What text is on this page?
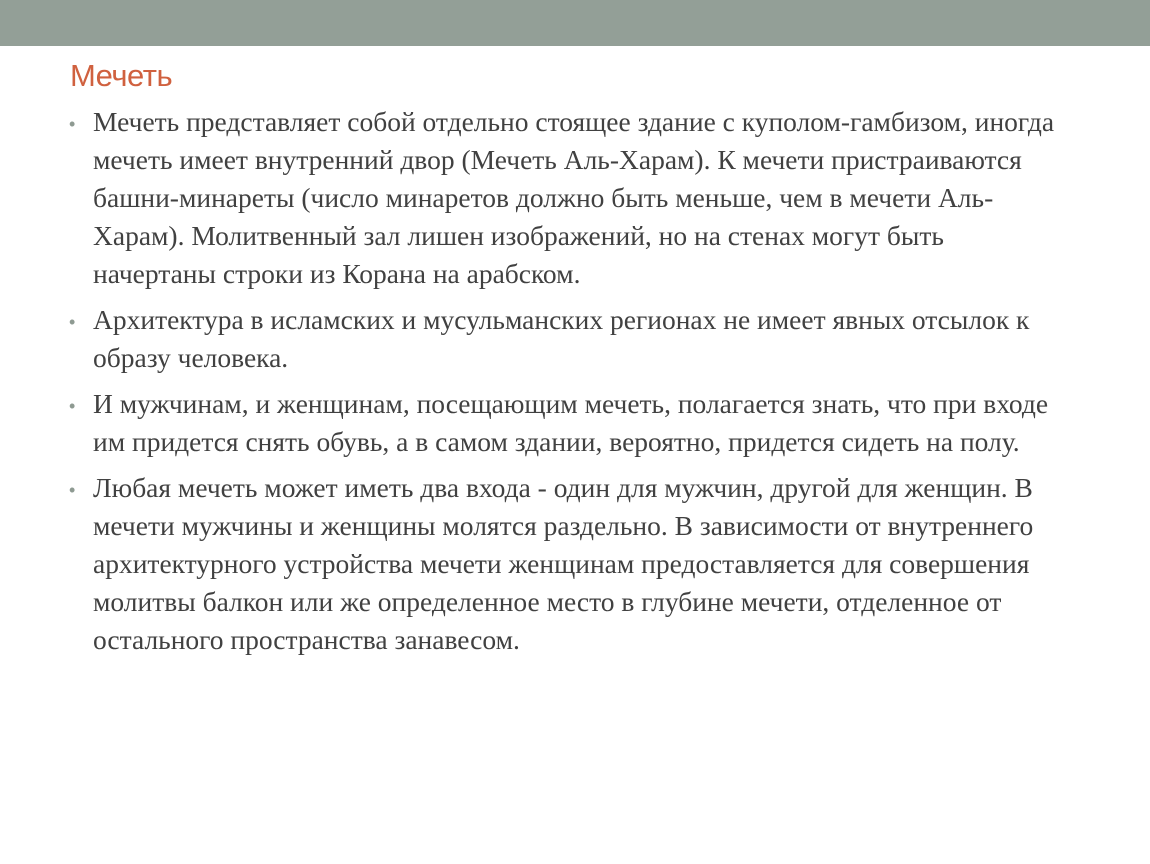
Мечеть
• Мечеть представляет собой отдельно стоящее здание с куполом-гамбизом, иногда мечеть имеет внутренний двор (Мечеть Аль-Харам). К мечети пристраиваются башни-минареты (число минаретов должно быть меньше, чем в мечети Аль-Харам). Молитвенный зал лишен изображений, но на стенах могут быть начертаны строки из Корана на арабском.
• Архитектура в исламских и мусульманских регионах не имеет явных отсылок к образу человека.
• И мужчинам, и женщинам, посещающим мечеть, полагается знать, что при входе им придется снять обувь, а в самом здании, вероятно, придется сидеть на полу.
• Любая мечеть может иметь два входа - один для мужчин, другой для женщин. В мечети мужчины и женщины молятся раздельно. В зависимости от внутреннего архитектурного устройства мечети женщинам предоставляется для совершения молитвы балкон или же определенное место в глубине мечети, отделенное от остального пространства занавесом.
